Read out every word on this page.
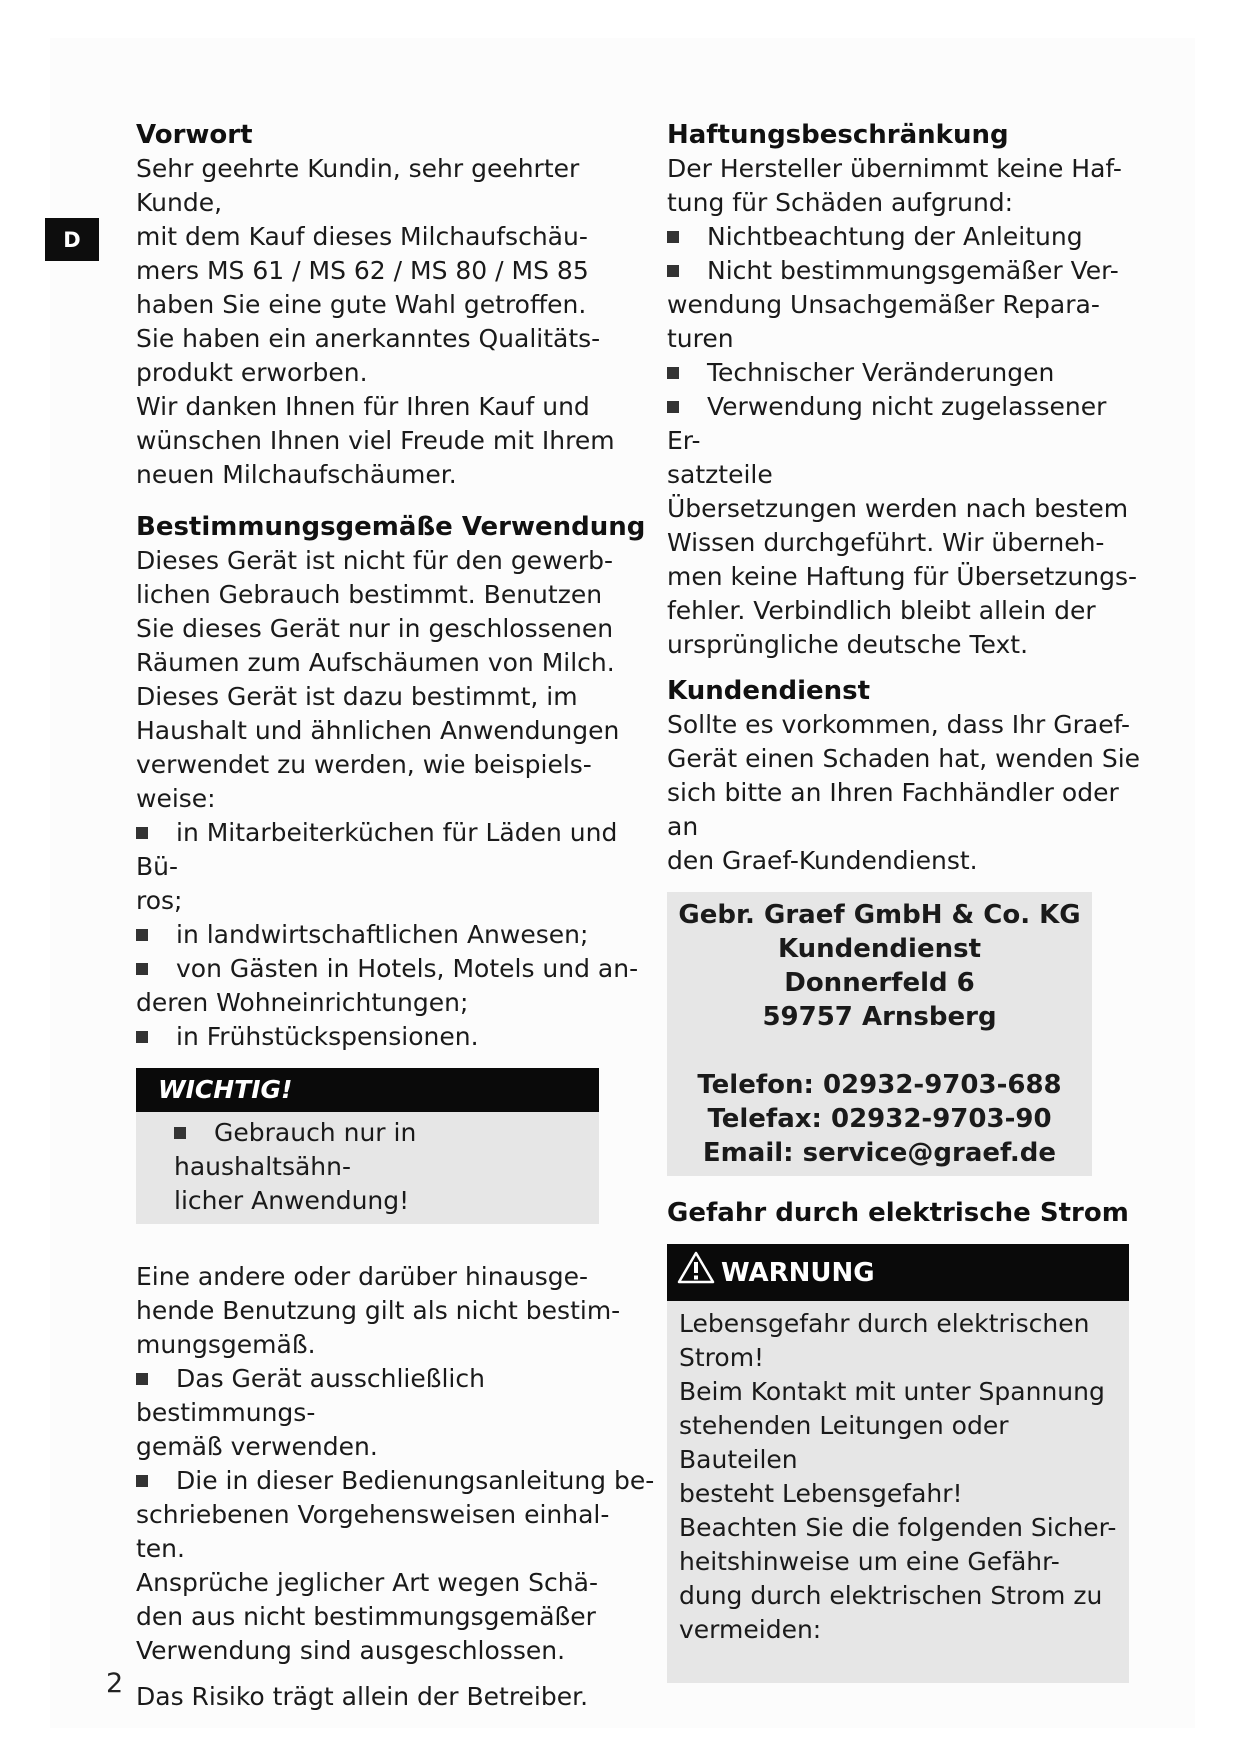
D
Vorwort

Sehr geehrte Kundin, sehr geehrter

Kunde,

mit dem Kauf dieses Milchaufschäu-

mers MS 61 / MS 62 / MS 80 / MS 85

haben Sie eine gute Wahl getroffen.

Sie haben ein anerkanntes Qualitäts-

produkt erworben.

Wir danken Ihnen für Ihren Kauf und

wünschen Ihnen viel Freude mit Ihrem

neuen Milchaufschäumer.

Bestimmungsgemäße Verwendung

Dieses Gerät ist nicht für den gewerb-

lichen Gebrauch bestimmt. Benutzen

Sie dieses Gerät nur in geschlossenen

Räumen zum Aufschäumen von Milch.

Dieses Gerät ist dazu bestimmt, im

Haushalt und ähnlichen Anwendungen

verwendet zu werden, wie beispiels-

weise:

in Mitarbeiterküchen für Läden und Bü-

ros;

in landwirtschaftlichen Anwesen;

von Gästen in Hotels, Motels und an-

deren Wohneinrichtungen;

in Frühstückspensionen.

WICHTIG!

Gebrauch nur in haushaltsähn-

licher Anwendung!

Eine andere oder darüber hinausge-

hende Benutzung gilt als nicht bestim-

mungsgemäß.

Das Gerät ausschließlich bestimmungs-

gemäß verwenden.

Die in dieser Bedienungsanleitung be-

schriebenen Vorgehensweisen einhal-

ten.

Ansprüche jeglicher Art wegen Schä-

den aus nicht bestimmungsgemäßer

Verwendung sind ausgeschlossen.

Das Risiko trägt allein der Betreiber.

Haftungsbeschränkung

Der Hersteller übernimmt keine Haf-

tung für Schäden aufgrund:

Nichtbeachtung der Anleitung

Nicht bestimmungsgemäßer Ver-

wendung Unsachgemäßer Repara-

turen

Technischer Veränderungen

Verwendung nicht zugelassener Er-

satzteile

Übersetzungen werden nach bestem

Wissen durchgeführt. Wir überneh-

men keine Haftung für Übersetzungs-

fehler. Verbindlich bleibt allein der

ursprüngliche deutsche Text.

Kundendienst

Sollte es vorkommen, dass Ihr Graef-

Gerät einen Schaden hat, wenden Sie

sich bitte an Ihren Fachhändler oder an

den Graef-Kundendienst.

Gebr. Graef GmbH & Co. KG

Kundendienst

Donnerfeld 6

59757 Arnsberg

Telefon: 02932-9703-688

Telefax: 02932-9703-90

Email: service@graef.de

Gefahr durch elektrische Strom
WARNUNG

Lebensgefahr durch elektrischen

Strom!

Beim Kontakt mit unter Spannung

stehenden Leitungen oder Bauteilen

besteht Lebensgefahr!

Beachten Sie die folgenden Sicher-

heitshinweise um eine Gefähr-

dung durch elektrischen Strom zu

vermeiden:

2
